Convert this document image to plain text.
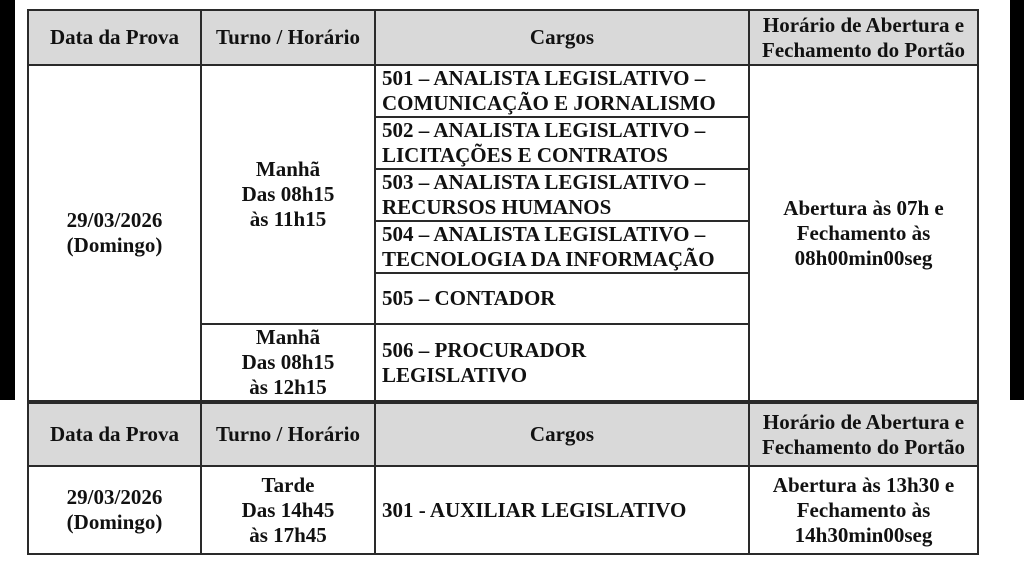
Data da Prova	Turno / Horário	Cargos	Horário de Abertura e
Fechamento do Portão

29/03/2026
(Domingo)	Manhã
Das 08h15
às 11h15	501 – ANALISTA LEGISLATIVO –
COMUNICAÇÃO E JORNALISMO	Abertura às 07h e
Fechamento às
08h00min00seg

		502 – ANALISTA LEGISLATIVO –
LICITAÇÕES E CONTRATOS	

		503 – ANALISTA LEGISLATIVO –
RECURSOS HUMANOS	

		504 – ANALISTA LEGISLATIVO –
TECNOLOGIA DA INFORMAÇÃO	

		505 – CONTADOR	

	Manhã
Das 08h15
às 12h15	506 – PROCURADOR
LEGISLATIVO	
Data da Prova	Turno / Horário	Cargos	Horário de Abertura e
Fechamento do Portão

29/03/2026
(Domingo)	Tarde
Das 14h45
às 17h45	301 - AUXILIAR LEGISLATIVO	Abertura às 13h30 e
Fechamento às
14h30min00seg
